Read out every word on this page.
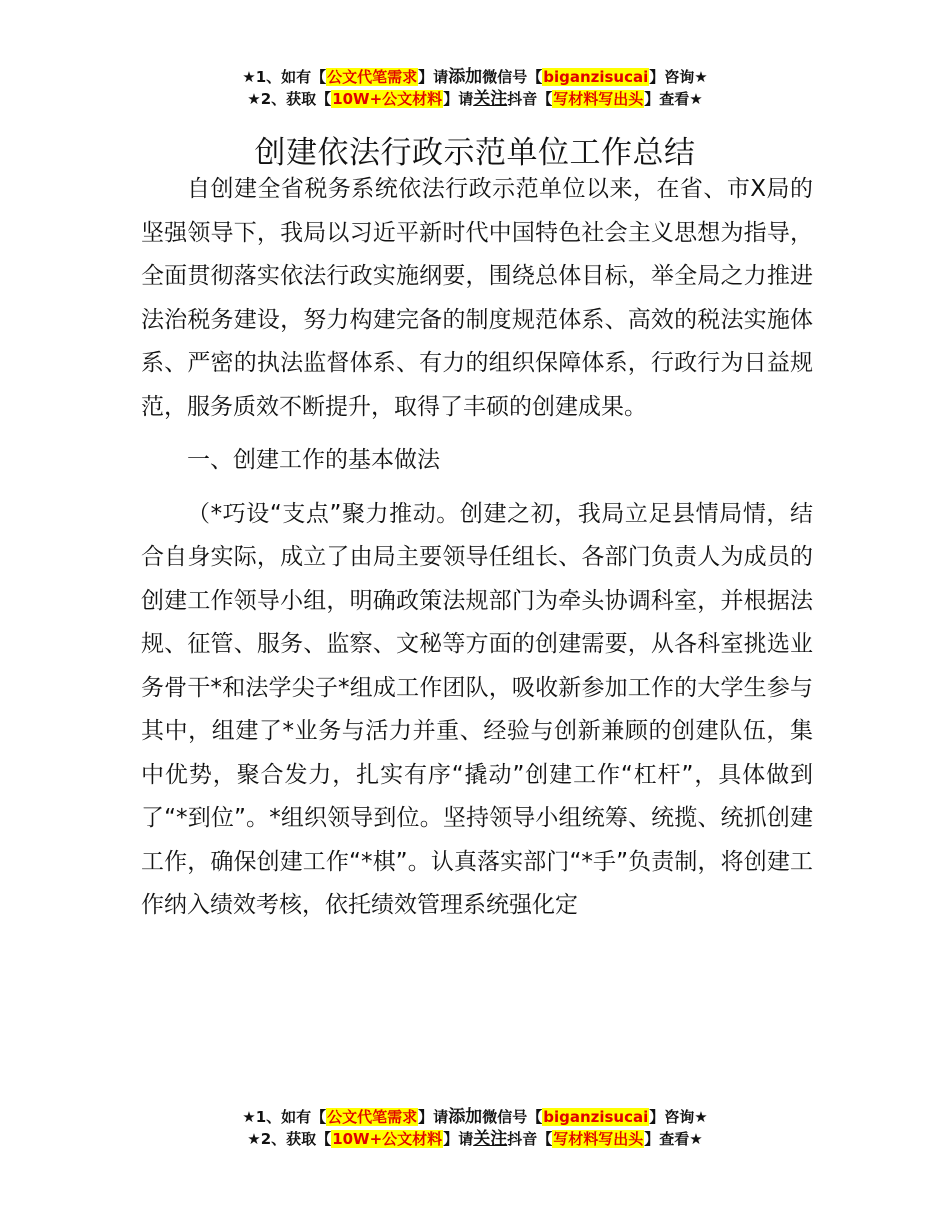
★1、如有【公文代笔需求】请添加微信号【biganzisucai】咨询★
★2、获取【10W+公文材料】请关注抖音【写材料写出头】查看★
创建依法行政示范单位工作总结

自创建全省税务系统依法行政示范单位以来，在省、市X局的坚强领导下，我局以习近平新时代中国特色社会主义思想为指导，全面贯彻落实依法行政实施纲要，围绕总体目标，举全局之力推进法治税务建设，努力构建完备的制度规范体系、高效的税法实施体系、严密的执法监督体系、有力的组织保障体系，行政行为日益规范，服务质效不断提升，取得了丰硕的创建成果。

一、创建工作的基本做法

（*巧设“支点”聚力推动。创建之初，我局立足县情局情，结合自身实际，成立了由局主要领导任组长、各部门负责人为成员的创建工作领导小组，明确政策法规部门为牵头协调科室，并根据法规、征管、服务、监察、文秘等方面的创建需要，从各科室挑选业务骨干*和法学尖子*组成工作团队，吸收新参加工作的大学生参与其中，组建了*业务与活力并重、经验与创新兼顾的创建队伍，集中优势，聚合发力，扎实有序“撬动”创建工作“杠杆”，具体做到了“*到位”。*组织领导到位。坚持领导小组统筹、统揽、统抓创建工作，确保创建工作“*棋”。认真落实部门“*手”负责制，将创建工作纳入绩效考核，依托绩效管理系统强化定

★1、如有【公文代笔需求】请添加微信号【biganzisucai】咨询★
★2、获取【10W+公文材料】请关注抖音【写材料写出头】查看★
